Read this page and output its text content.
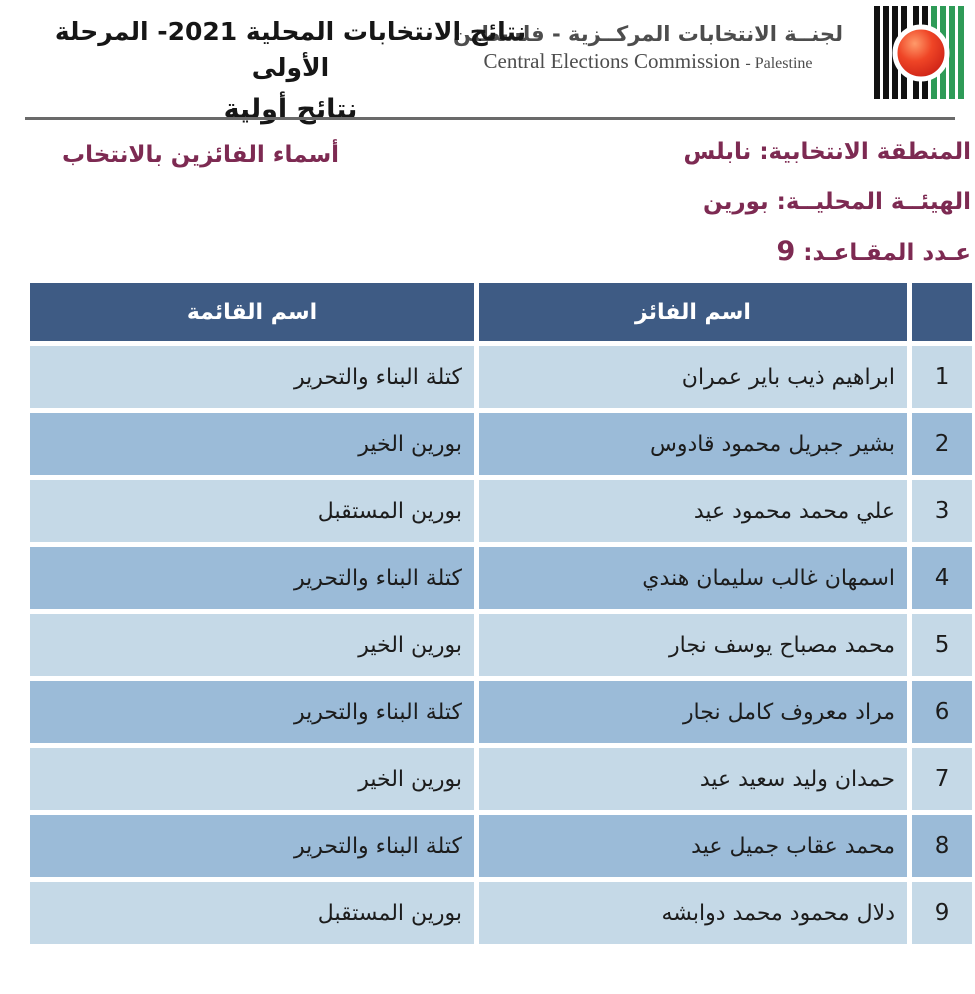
لجنــة الانتخابات المركــزية - فلسطين
Central Elections Commission - Palestine
نتائج الانتخابات المحلية 2021- المرحلة الأولى
نتائج أولية
المنطقة الانتخابية: نابلس
الهيئــة المحليــة: بورين
عـدد المقـاعـد: 9
أسماء الفائزين بالانتخاب
اسم الفائز
اسم القائمة
1
ابراهيم ذيب باير عمران
كتلة البناء والتحرير
2
بشير جبريل محمود قادوس
بورين الخير
3
علي محمد محمود عيد
بورين المستقبل
4
اسمهان غالب سليمان هندي
كتلة البناء والتحرير
5
محمد مصباح يوسف نجار
بورين الخير
6
مراد معروف كامل نجار
كتلة البناء والتحرير
7
حمدان وليد سعيد عيد
بورين الخير
8
محمد عقاب جميل عيد
كتلة البناء والتحرير
9
دلال محمود محمد دوابشه
بورين المستقبل
